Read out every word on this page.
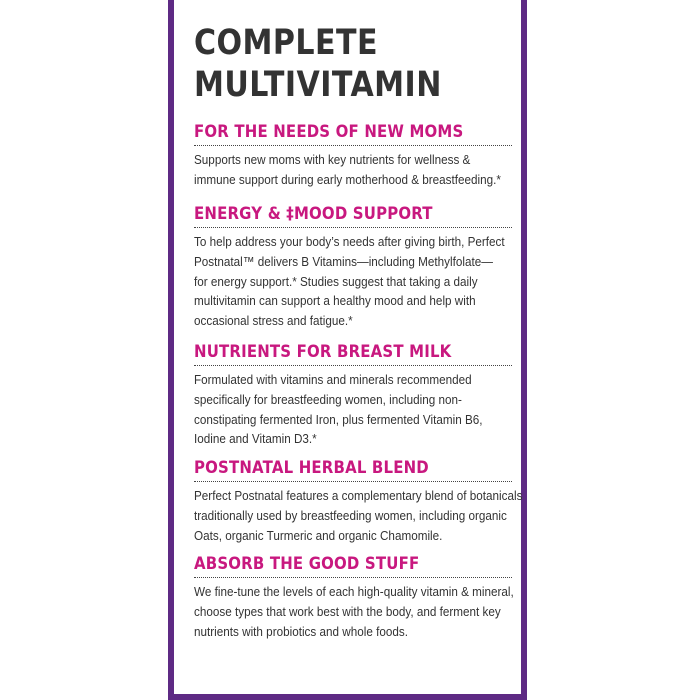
COMPLETE
MULTIVITAMIN
FOR THE NEEDS OF NEW MOMS
Supports new moms with key nutrients for wellness &
immune support during early motherhood & breastfeeding.*
ENERGY & ‡MOOD SUPPORT
To help address your body’s needs after giving birth, Perfect
Postnatal™ delivers B Vitamins—including Methylfolate—
for energy support.* Studies suggest that taking a daily
multivitamin can support a healthy mood and help with
occasional stress and fatigue.*
NUTRIENTS FOR BREAST MILK
Formulated with vitamins and minerals recommended
specifically for breastfeeding women, including non-
constipating fermented Iron, plus fermented Vitamin B6,
Iodine and Vitamin D3.*
POSTNATAL HERBAL BLEND
Perfect Postnatal features a complementary blend of botanicals
traditionally used by breastfeeding women, including organic
Oats, organic Turmeric and organic Chamomile.
ABSORB THE GOOD STUFF
We fine-tune the levels of each high-quality vitamin & mineral,
choose types that work best with the body, and ferment key
nutrients with probiotics and whole foods.
